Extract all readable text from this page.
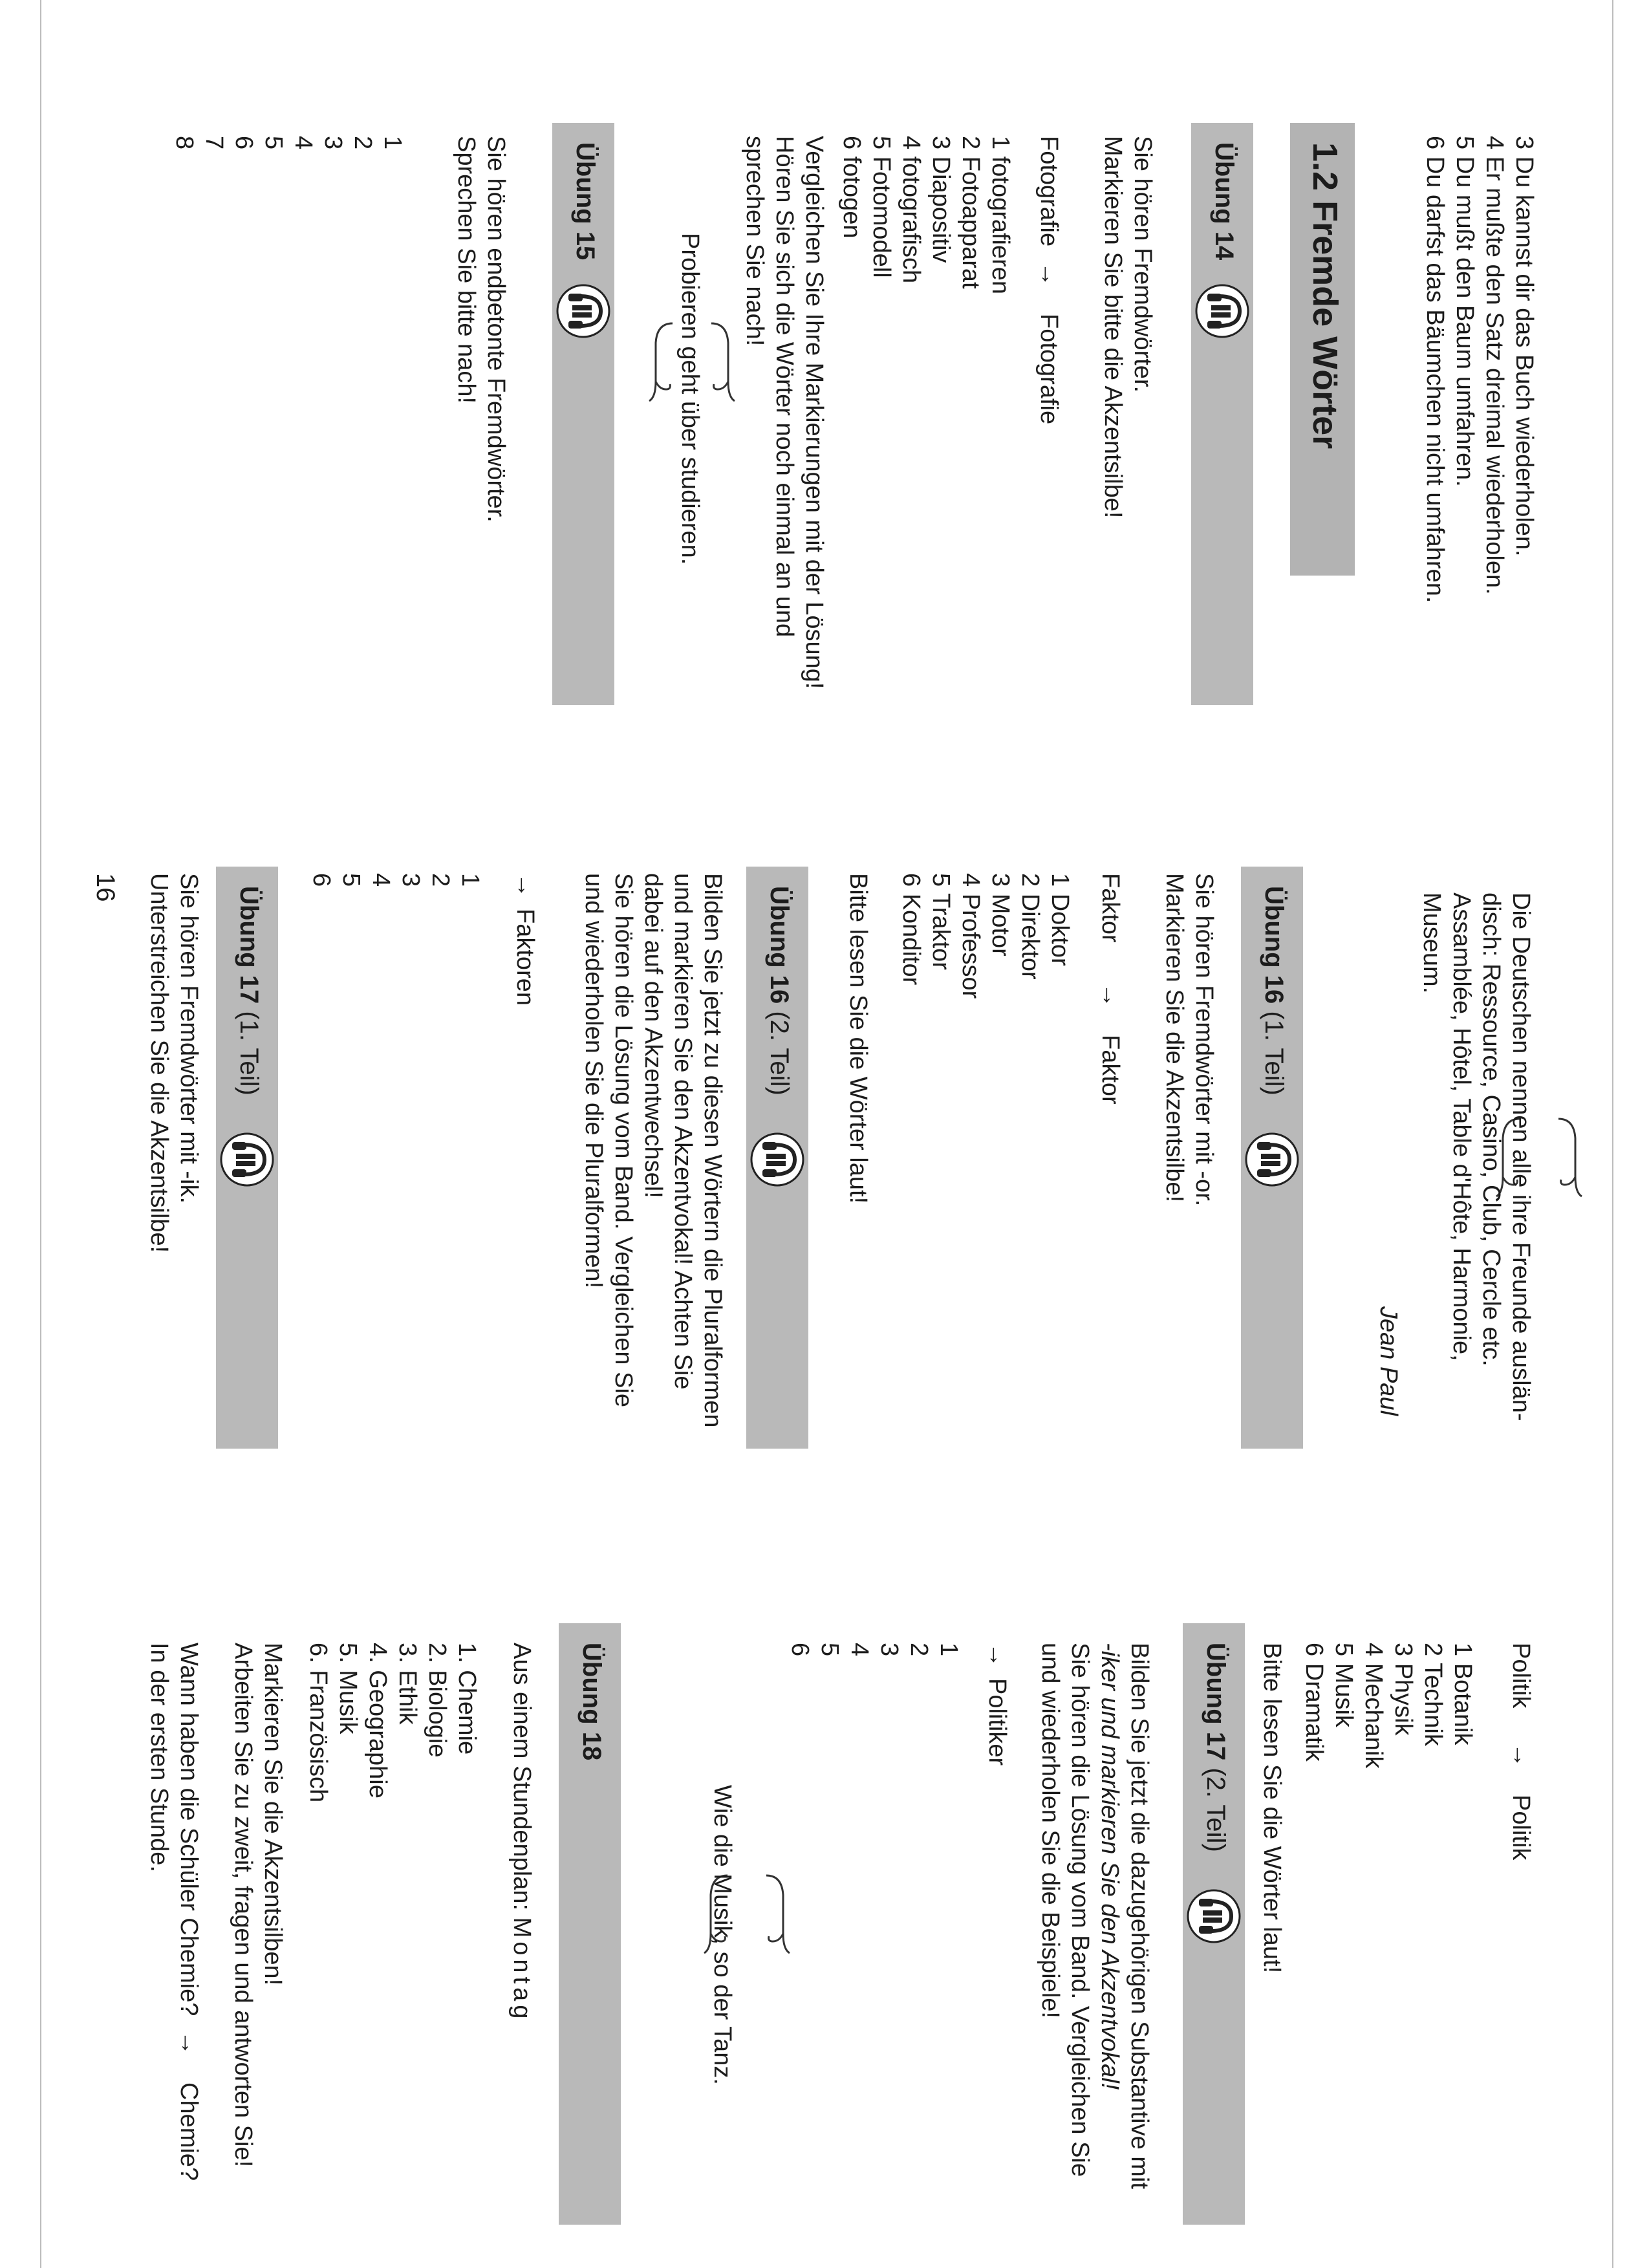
3 Du kannst dir das Buch wiederholen.
4 Er mußte den Satz dreimal wiederholen.
5 Du mußt den Baum umfahren.
6 Du darfst das Bäumchen nicht umfahren.
1.2 Fremde Wörter
Übung 14
Sie hören Fremdwörter.
Markieren Sie bitte die Akzentsilbe!
Fotografie
→
Fotografie
1 fotografieren
2 Fotoapparat
3 Diapositiv
4 fotografisch
5 Fotomodell
6 fotogen
Vergleichen Sie Ihre Markierungen mit der Lösung!
Hören Sie sich die Wörter noch einmal an und
sprechen Sie nach!
Probieren geht über studieren.
Übung 15
Sie hören endbetonte Fremdwörter.
Sprechen Sie bitte nach!
1
2
3
4
5
6
7
8
Die Deutschen nennen alle ihre Freunde auslän-
disch: Ressource, Casino, Club, Cercle etc.
Assamblée, Hôtel, Table d'Hôte, Harmonie,
Museum.
Jean Paul
Übung 16 (1. Teil)
Sie hören Fremdwörter mit -or.
Markieren Sie die Akzentsilbe!
Faktor
→
Faktor
1 Doktor
2 Direktor
3 Motor
4 Professor
5 Traktor
6 Konditor
Bitte lesen Sie die Wörter laut!
Übung 16 (2. Teil)
Bilden Sie jetzt zu diesen Wörtern die Pluralformen
und markieren Sie den Akzentvokal! Achten Sie
dabei auf den Akzentwechsel!
Sie hören die Lösung vom Band. Vergleichen Sie
und wiederholen Sie die Pluralformen!
→
Faktoren
1
2
3
4
5
6
Übung 17 (1. Teil)
Sie hören Fremdwörter mit -ik.
Unterstreichen Sie die Akzentsilbe!
16
Politik
→
Politik
1 Botanik
2 Technik
3 Physik
4 Mechanik
5 Musik
6 Dramatik
Bitte lesen Sie die Wörter laut!
Übung 17 (2. Teil)
Bilden Sie jetzt die dazugehörigen Substantive mit
-iker und markieren Sie den Akzentvokal!
Sie hören die Lösung vom Band. Vergleichen Sie
und wiederholen Sie die Beispiele!
→
Politiker
1
2
3
4
5
6
Wie die Musik, so der Tanz.
Übung 18
Aus einem Stundenplan: Montag
1. Chemie
2. Biologie
3. Ethik
4. Geographie
5. Musik
6. Französisch
Markieren Sie die Akzentsilben!
Arbeiten Sie zu zweit, fragen und antworten Sie!
Wann haben die Schüler Chemie?
→
Chemie?
In der ersten Stunde.
